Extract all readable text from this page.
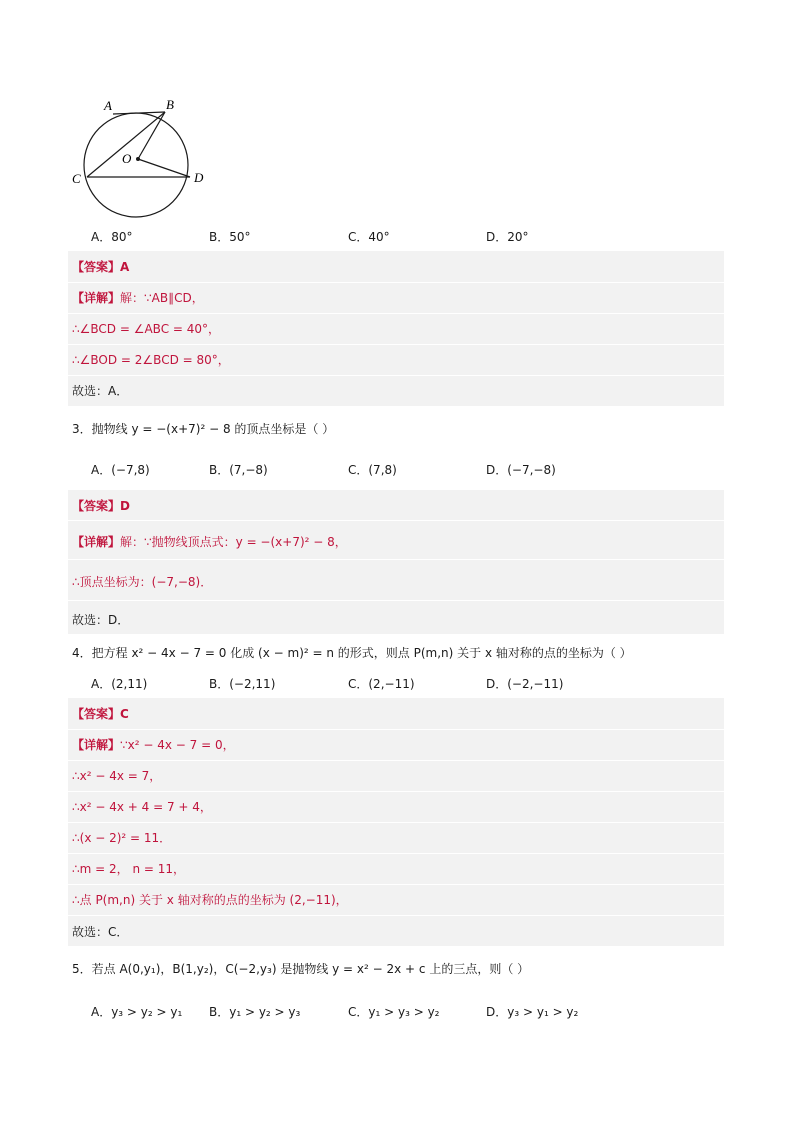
A	B
C	D
O
A．80°	B．50°	C．40°	D．20°
【答案】A
【详解】解：∵AB∥CD，
∴∠BCD = ∠ABC = 40°，
∴∠BOD = 2∠BCD = 80°，
故选：A．
3．抛物线 y = −(x+7)² − 8 的顶点坐标是（ ）
A．(−7,8)	B．(7,−8)	C．(7,8)	D．(−7,−8)
【答案】D
【详解】解：∵抛物线顶点式：y = −(x+7)² − 8，
∴顶点坐标为：(−7,−8)．
故选：D．
4．把方程 x² − 4x − 7 = 0 化成 (x − m)² = n 的形式，则点 P(m,n) 关于 x 轴对称的点的坐标为（ ）
A．(2,11)	B．(−2,11)	C．(2,−11)	D．(−2,−11)
【答案】C
【详解】∵x² − 4x − 7 = 0，
∴x² − 4x = 7，
∴x² − 4x + 4 = 7 + 4，
∴(x − 2)² = 11．
∴m = 2， n = 11，
∴点 P(m,n) 关于 x 轴对称的点的坐标为 (2,−11)，
故选：C．
5．若点 A(0,y₁)，B(1,y₂)，C(−2,y₃) 是抛物线 y = x² − 2x + c 上的三点，则（ ）
A．y₃ > y₂ > y₁ B．y₁ > y₂ > y₃	C．y₁ > y₃ > y₂	D．y₃ > y₁ > y₂
